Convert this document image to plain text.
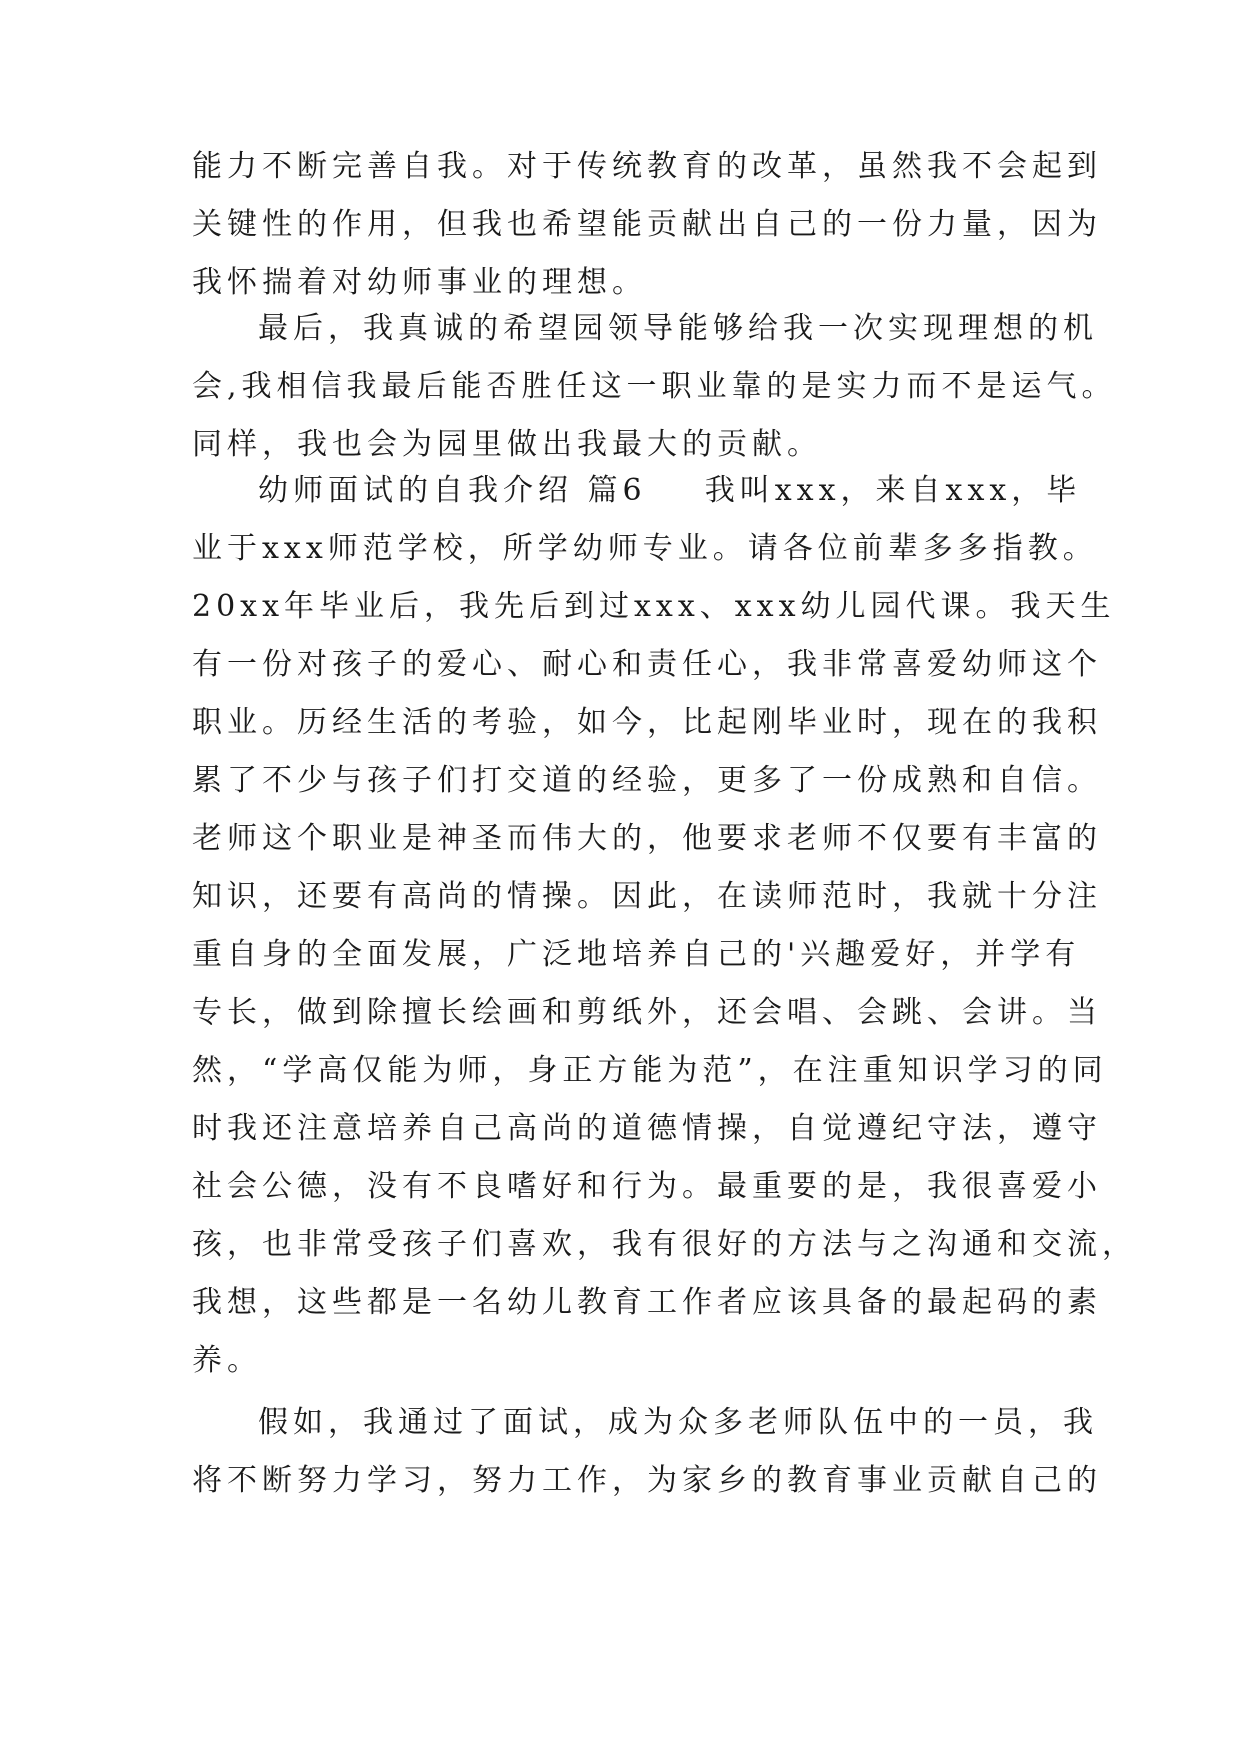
能力不断完善自我。对于传统教育的改革，虽然我不会起到
关键性的作用，但我也希望能贡献出自己的一份力量，因为
我怀揣着对幼师事业的理想。
最后，我真诚的希望园领导能够给我一次实现理想的机
会,我相信我最后能否胜任这一职业靠的是实力而不是运气。
同样，我也会为园里做出我最大的贡献。
幼师面试的自我介绍 篇6    我叫xxx，来自xxx，毕
业于xxx师范学校，所学幼师专业。请各位前辈多多指教。
20xx年毕业后，我先后到过xxx、xxx幼儿园代课。我天生
有一份对孩子的爱心、耐心和责任心，我非常喜爱幼师这个
职业。历经生活的考验，如今，比起刚毕业时，现在的我积
累了不少与孩子们打交道的经验，更多了一份成熟和自信。
老师这个职业是神圣而伟大的，他要求老师不仅要有丰富的
知识，还要有高尚的情操。因此，在读师范时，我就十分注
重自身的全面发展，广泛地培养自己的'兴趣爱好，并学有
专长，做到除擅长绘画和剪纸外，还会唱、会跳、会讲。当
然，“学高仅能为师，身正方能为范”，在注重知识学习的同
时我还注意培养自己高尚的道德情操，自觉遵纪守法，遵守
社会公德，没有不良嗜好和行为。最重要的是，我很喜爱小
孩，也非常受孩子们喜欢，我有很好的方法与之沟通和交流，
我想，这些都是一名幼儿教育工作者应该具备的最起码的素
养。
假如，我通过了面试，成为众多老师队伍中的一员，我
将不断努力学习，努力工作，为家乡的教育事业贡献自己的
